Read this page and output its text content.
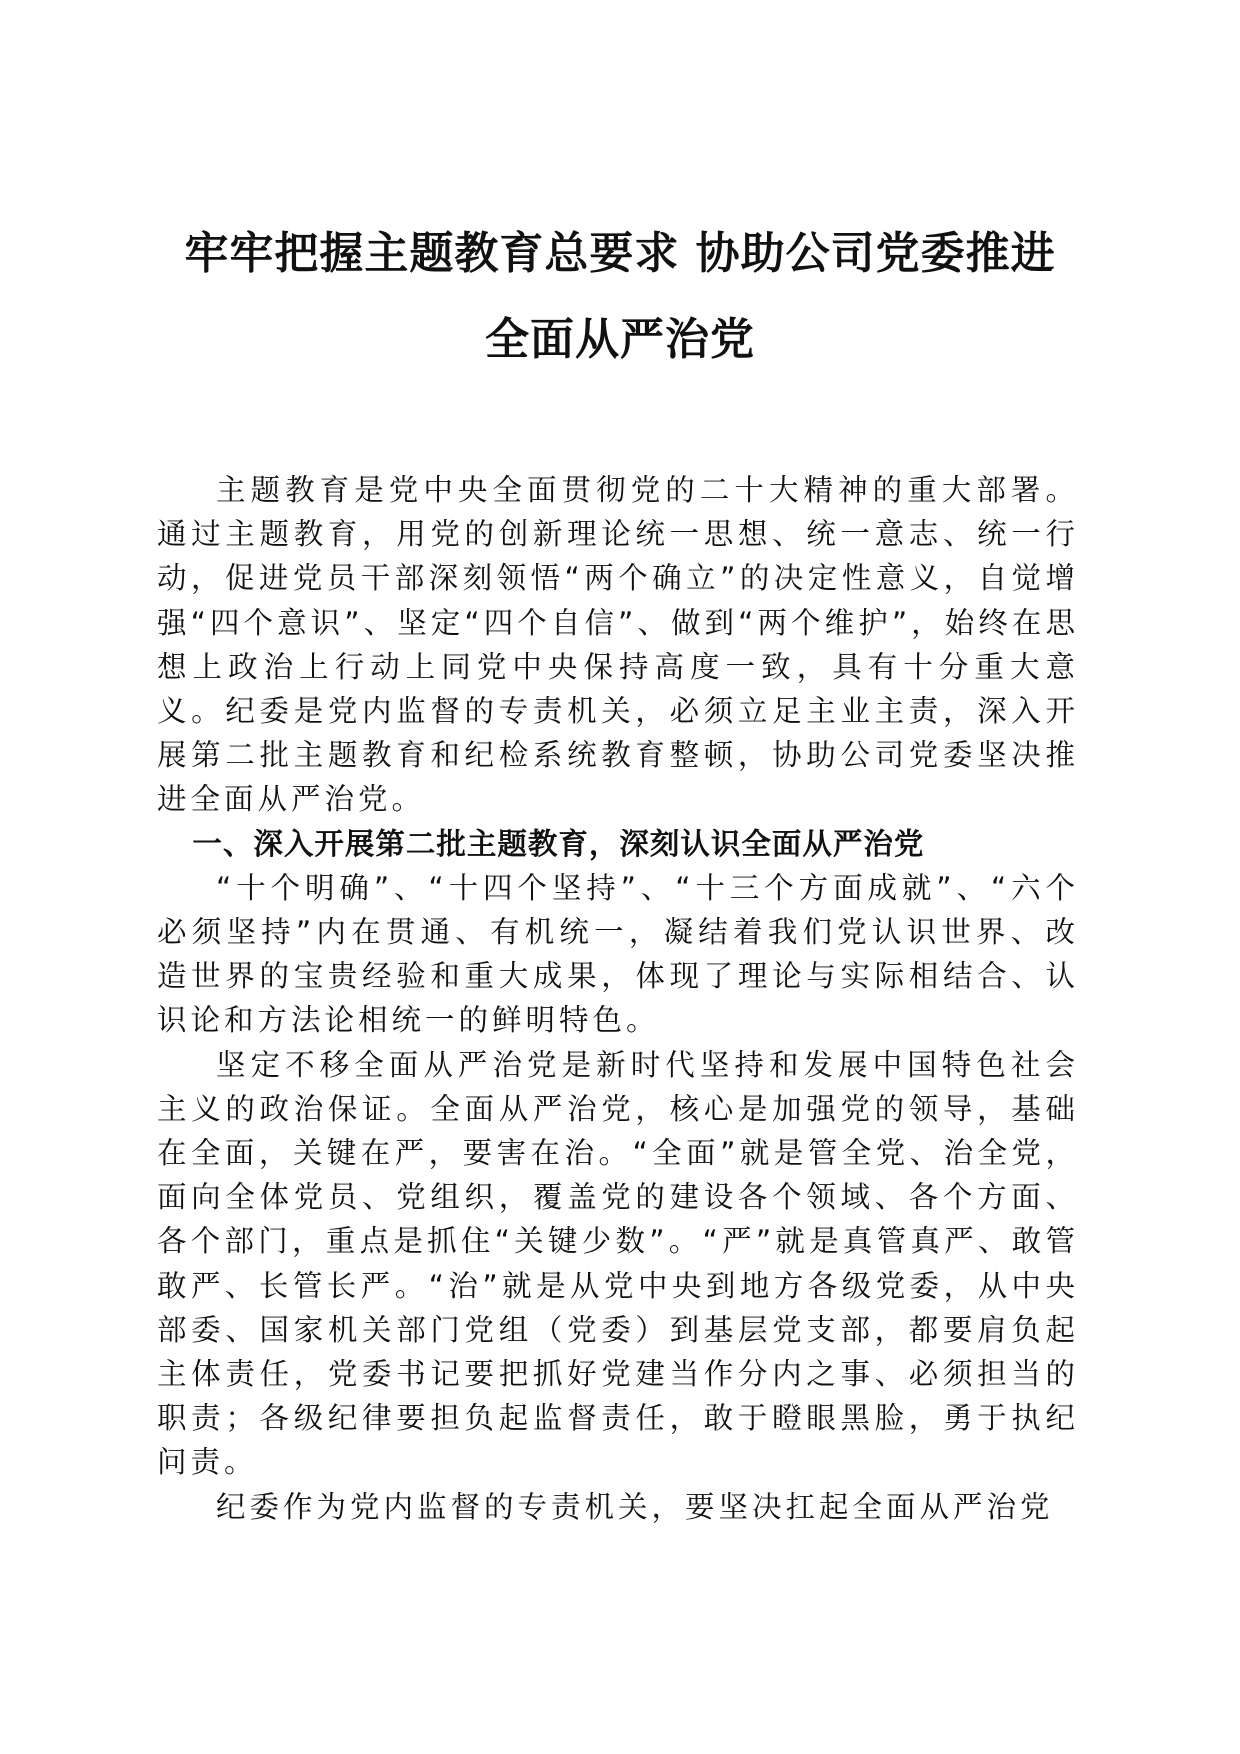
牢牢把握主题教育总要求 协助公司党委推进
全面从严治党

主题教育是党中央全面贯彻党的二十大精神的重大部署。通过主题教育，用党的创新理论统一思想、统一意志、统一行动，促进党员干部深刻领悟“两个确立”的决定性意义，自觉增强“四个意识”、坚定“四个自信”、做到“两个维护”，始终在思想上政治上行动上同党中央保持高度一致，具有十分重大意义。纪委是党内监督的专责机关，必须立足主业主责，深入开展第二批主题教育和纪检系统教育整顿，协助公司党委坚决推进全面从严治党。

一、深入开展第二批主题教育，深刻认识全面从严治党

“十个明确”、“十四个坚持”、“十三个方面成就”、“六个必须坚持”内在贯通、有机统一，凝结着我们党认识世界、改造世界的宝贵经验和重大成果，体现了理论与实际相结合、认识论和方法论相统一的鲜明特色。

坚定不移全面从严治党是新时代坚持和发展中国特色社会主义的政治保证。全面从严治党，核心是加强党的领导，基础在全面，关键在严，要害在治。“全面”就是管全党、治全党，面向全体党员、党组织，覆盖党的建设各个领域、各个方面、各个部门，重点是抓住“关键少数”。“严”就是真管真严、敢管敢严、长管长严。“治”就是从党中央到地方各级党委，从中央部委、国家机关部门党组（党委）到基层党支部，都要肩负起主体责任，党委书记要把抓好党建当作分内之事、必须担当的职责；各级纪律要担负起监督责任，敢于瞪眼黑脸，勇于执纪问责。

纪委作为党内监督的专责机关，要坚决扛起全面从严治党
